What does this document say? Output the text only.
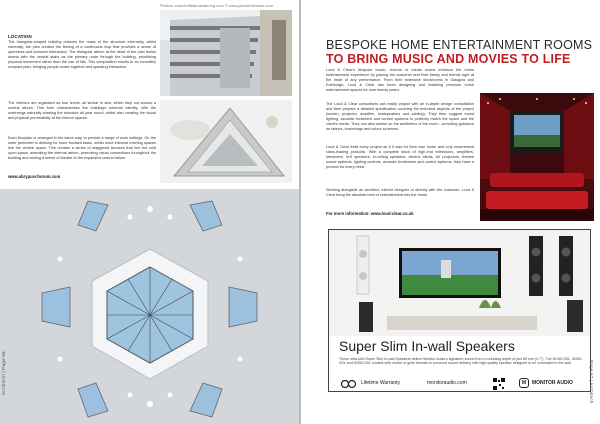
Photos: www.buffetandcatering.com © www.jaecheolhouse.com
LOCATION

The triangular-shaped building reduces the mass of the structure externally, whilst internally, the plan creates the feeling of a continuous loop that provides a sense of openness and inclusive interaction. The triangular atrium at the heart of the plan builds drama with the central stairs as the primary route through the building, prioritising physical movement rather than the use of lifts. This composition results in an incredibly compact plan, bringing people closer together and sparking interaction.

The interiors are organised as four levels, all similar in size, which step out around a central atrium. This form characterises the building's external identity, with the overhangs naturally shading the structure all year round, whilst also creating the visual and physical permeability at the interior spaces.

Each floorplan is arranged in the same way, to provide a range of work settings. On the outer perimeter is desking for more focused tasks, whilst more informal meeting spaces line the central space. This creates a series of staggered terraces that line the void upon space, animating the internal atrium, promoting visual connections throughout the building and adding a sense of theatre to the expansive central atrium.

www.abrypuschorum.com
Architech | Page 66
BESPOKE HOME ENTERTAINMENT ROOMS
TO BRING MUSIC AND MOVIES TO LIFE

Loud & Clear's bespoke music, cinema or media rooms enhance the home entertainment experience by placing the customer and their family and friends right at the heart of any performance. From their extensive showrooms in Glasgow and Edinburgh, Loud & Clear has been designing and installing premium home entertainment spaces for over twenty years.

The Loud & Clear consultants can easily project with an in-depth design consultation and then prepare a detailed specification covering the technical aspects of the project (screen, projector, amplifier, loudspeakers and cabling). They then suggest mood lighting, acoustic treatment and control systems to perfectly match the space and the client's needs. They can also advise on the aesthetics of the room – providing guidance on fabrics, furnishings and colour schemes.

Loud & Clear treat every project as if it was for their own home and only recommend class-leading products. With a complete stock of high-end televisions, amplifiers, streamers, hi-fi speakers, in-ceiling speakers, electric blinds, AV projectors, theatre sound systems, lighting controls, acoustic treatments and control systems, they have a product for every need.

Working alongside an architect, interior designer or directly with the customer, Loud & Clear bring the absolute best of entertainment into the home.

For more information: www.loud-clear.co.uk
Super Slim In-wall Speakers

These ultra-slim Super Slim In-wall Speakers deliver Monitor Audio's signature sound from a mounting depth of just 68 mm (2.7"). The W150-SSL, W250-SSL and W350-SSL models with choice of grille formats to surround sound delivery with high-quality speaker designed to be concealed in the wall.

Lifetime Warranty	monitoraudio.com	M	MONITOR AUDIO	Page 67 | Architech
